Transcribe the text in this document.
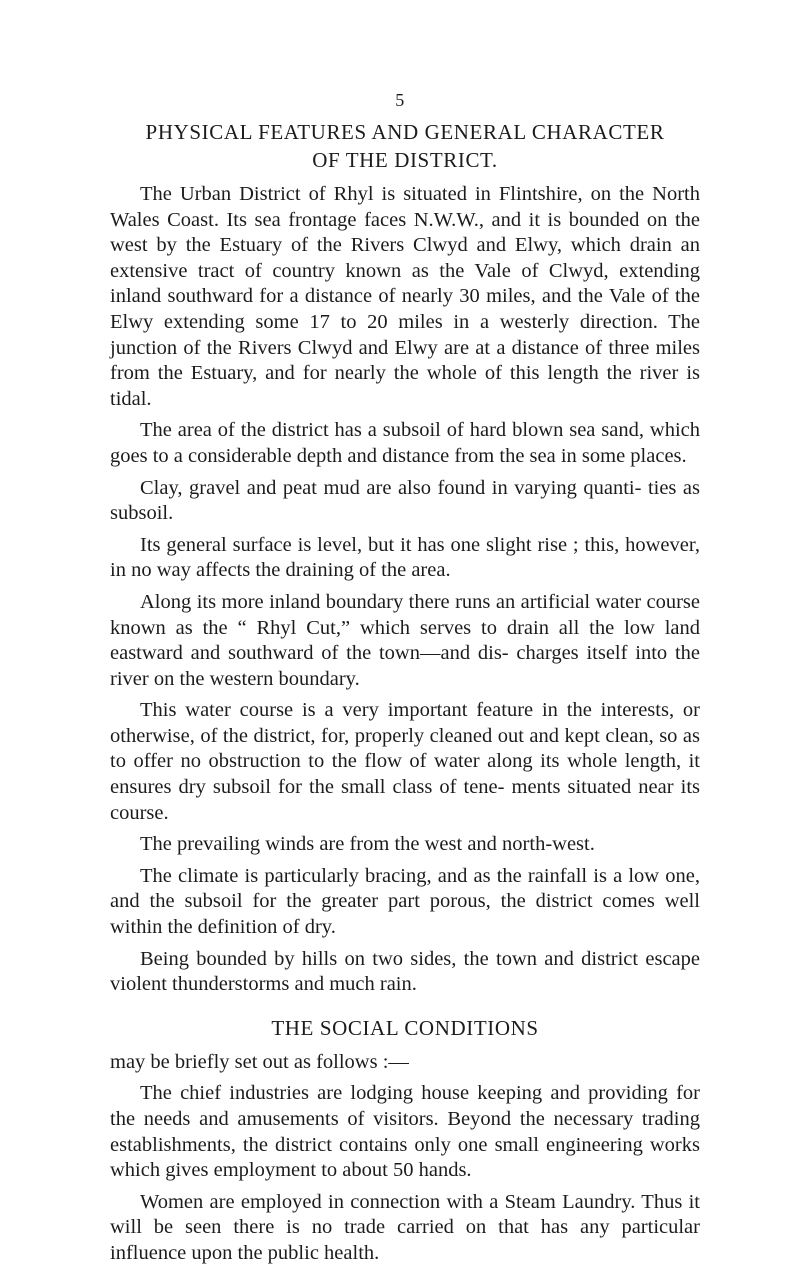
5
PHYSICAL FEATURES AND GENERAL CHARACTER
OF THE DISTRICT.

The Urban District of Rhyl is situated in Flintshire, on the North Wales Coast. Its sea frontage faces N.W.W., and it is bounded on the west by the Estuary of the Rivers Clwyd and Elwy, which drain an extensive tract of country known as the Vale of Clwyd, extending inland southward for a distance of nearly 30 miles, and the Vale of the Elwy extending some 17 to 20 miles in a westerly direction. The junction of the Rivers Clwyd and Elwy are at a distance of three miles from the Estuary, and for nearly the whole of this length the river is tidal.

The area of the district has a subsoil of hard blown sea sand, which goes to a considerable depth and distance from the sea in some places.

Clay, gravel and peat mud are also found in varying quanti- ties as subsoil.

Its general surface is level, but it has one slight rise ; this, however, in no way affects the draining of the area.

Along its more inland boundary there runs an artificial water course known as the “ Rhyl Cut,” which serves to drain all the low land eastward and southward of the town—and dis- charges itself into the river on the western boundary.

This water course is a very important feature in the interests, or otherwise, of the district, for, properly cleaned out and kept clean, so as to offer no obstruction to the flow of water along its whole length, it ensures dry subsoil for the small class of tene- ments situated near its course.

The prevailing winds are from the west and north-west.

The climate is particularly bracing, and as the rainfall is a low one, and the subsoil for the greater part porous, the district comes well within the definition of dry.

Being bounded by hills on two sides, the town and district escape violent thunderstorms and much rain.

THE SOCIAL CONDITIONS

may be briefly set out as follows :—

The chief industries are lodging house keeping and providing for the needs and amusements of visitors. Beyond the necessary trading establishments, the district contains only one small engineering works which gives employment to about 50 hands.

Women are employed in connection with a Steam Laundry. Thus it will be seen there is no trade carried on that has any particular influence upon the public health.
